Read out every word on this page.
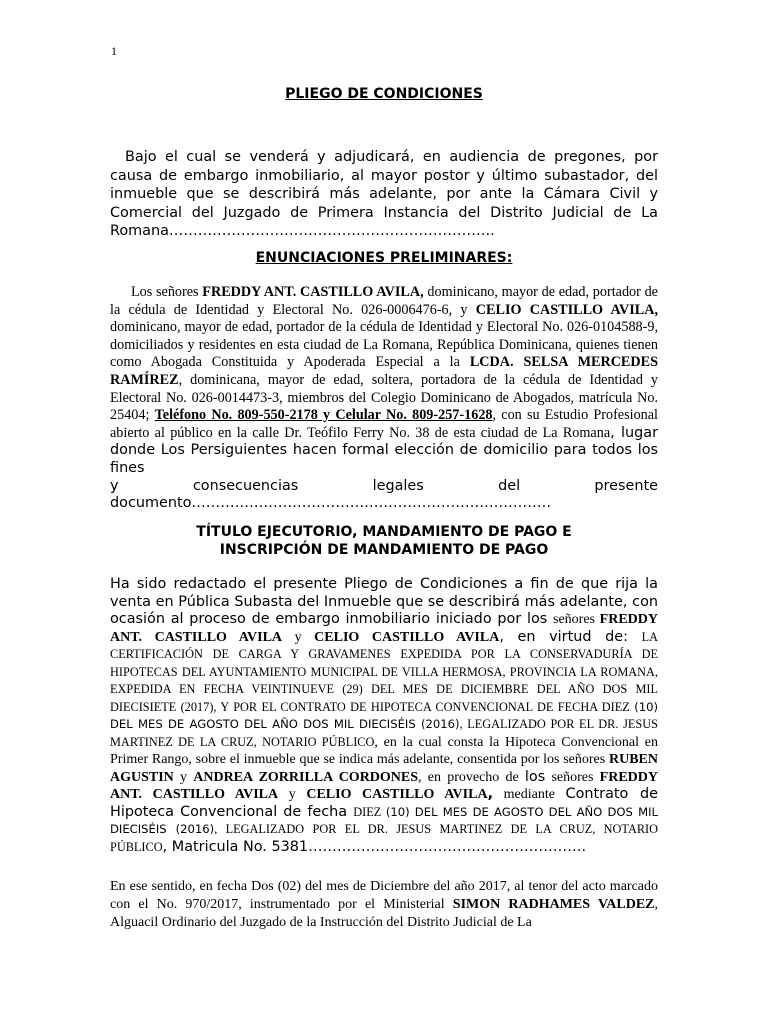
1
PLIEGO DE CONDICIONES
Bajo el cual se venderá y adjudicará, en audiencia de pregones, por causa de embargo inmobiliario, al mayor postor y último subastador, del inmueble que se describirá más adelante, por ante la Cámara Civil y Comercial del Juzgado de Primera Instancia del Distrito Judicial de La Romana…………………………………………………………..
ENUNCIACIONES PRELIMINARES:
Los señores FREDDY ANT. CASTILLO AVILA, dominicano, mayor de edad, portador de la cédula de Identidad y Electoral No. 026-0006476-6, y CELIO CASTILLO AVILA, dominicano, mayor de edad, portador de la cédula de Identidad y Electoral No. 026-0104588-9, domiciliados y residentes en esta ciudad de La Romana, República Dominicana, quienes tienen como Abogada Constituida y Apoderada Especial a la LCDA. SELSA MERCEDES RAMÍREZ, dominicana, mayor de edad, soltera, portadora de la cédula de Identidad y Electoral No. 026-0014473-3, miembros del Colegio Dominicano de Abogados, matrícula No. 25404; Teléfono No. 809-550-2178 y Celular No. 809-257-1628, con su Estudio Profesional abierto al público en la calle Dr. Teófilo Ferry No. 38 de esta ciudad de La Romana, lugar donde Los Persiguientes hacen formal elección de domicilio para todos los fines
y	consecuencias	legales	del	presente
documento…………………………………………………………………
TÍTULO EJECUTORIO, MANDAMIENTO DE PAGO E
INSCRIPCIÓN DE MANDAMIENTO DE PAGO
Ha sido redactado el presente Pliego de Condiciones a fin de que rija la venta en Pública Subasta del Inmueble que se describirá más adelante, con ocasión al proceso de embargo inmobiliario iniciado por los señores FREDDY ANT. CASTILLO AVILA y CELIO CASTILLO AVILA, en virtud de: LA CERTIFICACIÓN DE CARGA Y GRAVAMENES EXPEDIDA POR LA CONSERVADURÍA DE HIPOTECAS DEL AYUNTAMIENTO MUNICIPAL DE VILLA HERMOSA, PROVINCIA LA ROMANA, EXPEDIDA EN FECHA VEINTINUEVE (29) DEL MES DE DICIEMBRE DEL AÑO DOS MIL DIECISIETE (2017), Y POR EL CONTRATO DE HIPOTECA CONVENCIONAL DE FECHA DIEZ (10) DEL MES DE AGOSTO DEL AÑO DOS MIL DIECISÉIS (2016), LEGALIZADO POR EL DR. JESUS MARTINEZ DE LA CRUZ, NOTARIO PÚBLICO, en la cual consta la Hipoteca Convencional en Primer Rango, sobre el inmueble que se indica más adelante, consentida por los señores RUBEN AGUSTIN y ANDREA ZORRILLA CORDONES, en provecho de los señores FREDDY ANT. CASTILLO AVILA y CELIO CASTILLO AVILA, mediante Contrato de Hipoteca Convencional de fecha DIEZ (10) DEL MES DE AGOSTO DEL AÑO DOS MIL DIECISÉIS (2016), LEGALIZADO POR EL DR. JESUS MARTINEZ DE LA CRUZ, NOTARIO PÚBLICO, Matricula No. 5381………………………………………………….
En ese sentido, en fecha Dos (02) del mes de Diciembre del año 2017, al tenor del acto marcado con el No. 970/2017, instrumentado por el Ministerial SIMON RADHAMES VALDEZ, Alguacil Ordinario del Juzgado de la Instrucción del Distrito Judicial de La
